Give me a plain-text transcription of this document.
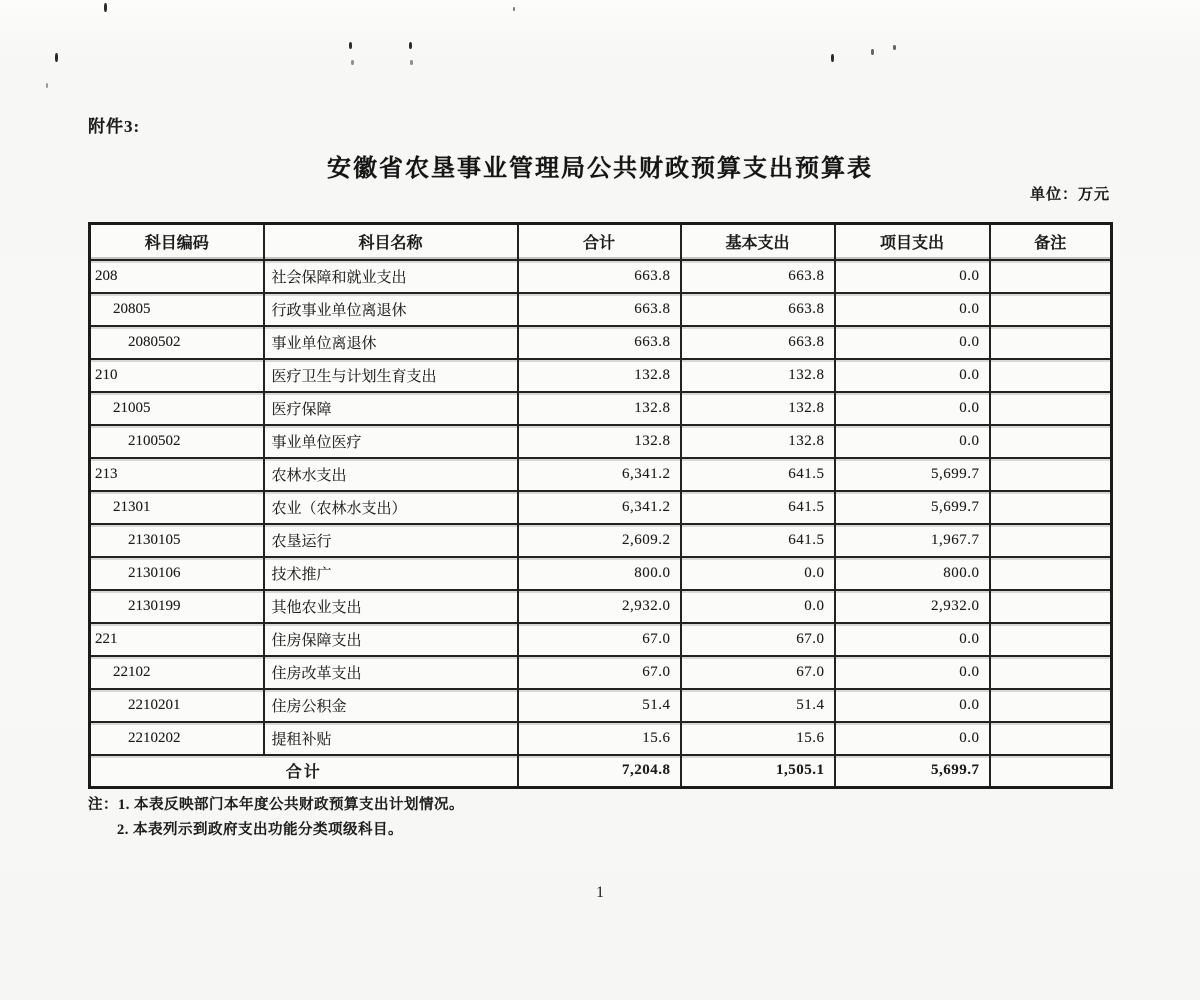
附件3:
安徽省农垦事业管理局公共财政预算支出预算表
单位：万元
科目编码	科目名称	合计	基本支出	项目支出	备注
208	社会保障和就业支出	663.8	663.8	0.0	
20805	行政事业单位离退休	663.8	663.8	0.0	
2080502	事业单位离退休	663.8	663.8	0.0	
210	医疗卫生与计划生育支出	132.8	132.8	0.0	
21005	医疗保障	132.8	132.8	0.0	
2100502	事业单位医疗	132.8	132.8	0.0	
213	农林水支出	6,341.2	641.5	5,699.7	
21301	农业（农林水支出）	6,341.2	641.5	5,699.7	
2130105	农垦运行	2,609.2	641.5	1,967.7	
2130106	技术推广	800.0	0.0	800.0	
2130199	其他农业支出	2,932.0	0.0	2,932.0	
221	住房保障支出	67.0	67.0	0.0	
22102	住房改革支出	67.0	67.0	0.0	
2210201	住房公积金	51.4	51.4	0.0	
2210202	提租补贴	15.6	15.6	0.0	
合计		7,204.8	1,505.1	5,699.7	
注：1. 本表反映部门本年度公共财政预算支出计划情况。
2. 本表列示到政府支出功能分类项级科目。
1
